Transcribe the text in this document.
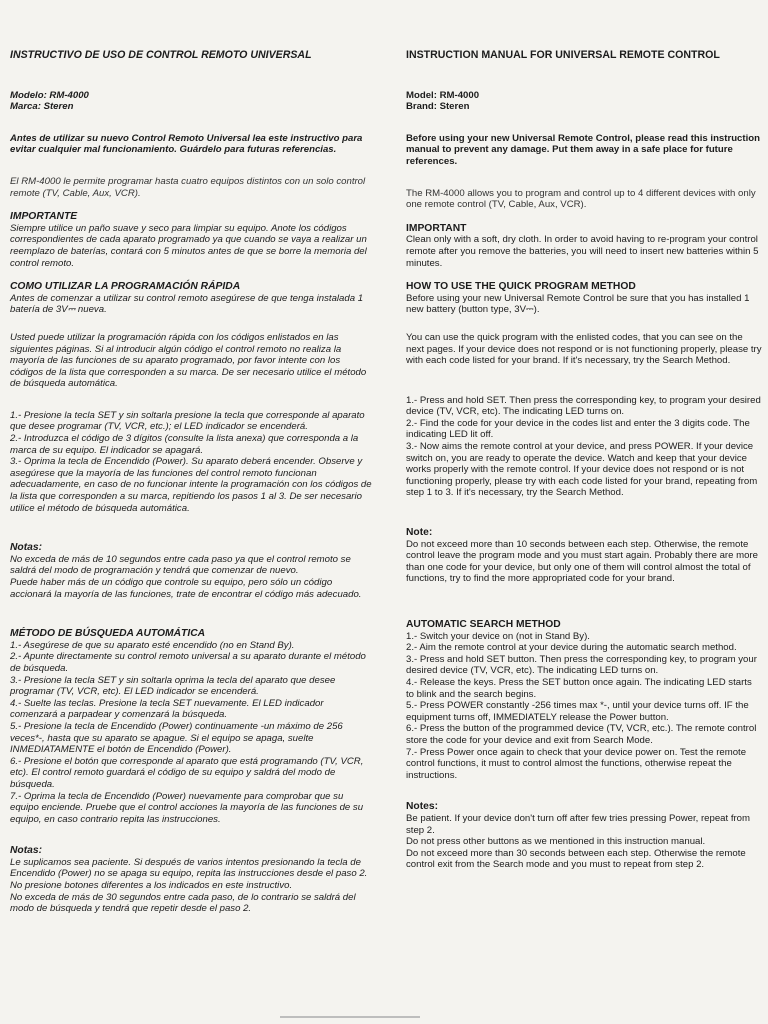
INSTRUCTIVO DE USO DE CONTROL REMOTO UNIVERSAL

Modelo: RM-4000

Marca: Steren

Antes de utilizar su nuevo Control Remoto Universal lea este instructivo para evitar cualquier mal funcionamiento. Guárdelo para futuras referencias.

El RM-4000 le permite programar hasta cuatro equipos distintos con un solo control remote (TV, Cable, Aux, VCR).

IMPORTANTE

Siempre utilice un paño suave y seco para limpiar su equipo. Anote los códigos correspondientes de cada aparato programado ya que cuando se vaya a realizar un reemplazo de baterías, contará con 5 minutos antes de que se borre la memoria del control remoto.

COMO UTILIZAR LA PROGRAMACIÓN RÁPIDA

Antes de comenzar a utilizar su control remoto asegúrese de que tenga instalada 1 batería de 3V⎓ nueva.

Usted puede utilizar la programación rápida con los códigos enlistados en las siguientes páginas. Si al introducir algún código el control remoto no realiza la mayoría de las funciones de su aparato programado, por favor intente con los códigos de la lista que corresponden a su marca. De ser necesario utilice el método de búsqueda automática.

1.- Presione la tecla SET y sin soltarla presione la tecla que corresponde al aparato que desee programar (TV, VCR, etc.); el LED indicador se encenderá.

2.- Introduzca el código de 3 dígitos (consulte la lista anexa) que corresponda a la marca de su equipo. El indicador se apagará.

3.- Oprima la tecla de Encendido (Power). Su aparato deberá encender. Observe y asegúrese que la mayoría de las funciones del control remoto funcionan adecuadamente, en caso de no funcionar intente la programación con los códigos de la lista que corresponden a su marca, repitiendo los pasos 1 al 3. De ser necesario utilice el método de búsqueda automática.

Notas:

No exceda de más de 10 segundos entre cada paso ya que el control remoto se saldrá del modo de programación y tendrá que comenzar de nuevo.

Puede haber más de un código que controle su equipo, pero sólo un código accionará la mayoría de las funciones, trate de encontrar el código más adecuado.

MÉTODO DE BÚSQUEDA AUTOMÁTICA

1.- Asegúrese de que su aparato esté encendido (no en Stand By).

2.- Apunte directamente su control remoto universal a su aparato durante el método de búsqueda.

3.- Presione la tecla SET y sin soltarla oprima la tecla del aparato que desee programar (TV, VCR, etc). El LED indicador se encenderá.

4.- Suelte las teclas. Presione la tecla SET nuevamente. El LED indicador comenzará a parpadear y comenzará la búsqueda.

5.- Presione la tecla de Encendido (Power) continuamente -un máximo de 256 veces*-, hasta que su aparato se apague. Si el equipo se apaga, suelte INMEDIATAMENTE el botón de Encendido (Power).

6.- Presione el botón que corresponde al aparato que está programando (TV, VCR, etc). El control remoto guardará el código de su equipo y saldrá del modo de búsqueda.

7.- Oprima la tecla de Encendido (Power) nuevamente para comprobar que su equipo enciende. Pruebe que el control acciones la mayoría de las funciones de su equipo, en caso contrario repita las instrucciones.

Notas:

Le suplicamos sea paciente. Si después de varios intentos presionando la tecla de Encendido (Power) no se apaga su equipo, repita las instrucciones desde el paso 2.

No presione botones diferentes a los indicados en este instructivo.

No exceda de más de 30 segundos entre cada paso, de lo contrario se saldrá del modo de búsqueda y tendrá que repetir desde el paso 2.

INSTRUCTION MANUAL FOR UNIVERSAL REMOTE CONTROL

Model: RM-4000

Brand: Steren

Before using your new Universal Remote Control, please read this instruction manual to prevent any damage. Put them away in a safe place for future references.

The RM-4000 allows you to program and control up to 4 different devices with only one remote control (TV, Cable, Aux, VCR).

IMPORTANT

Clean only with a soft, dry cloth. In order to avoid having to re-program your control remote after you remove the batteries, you will need to insert new batteries within 5 minutes.

HOW TO USE THE QUICK PROGRAM METHOD

Before using your new Universal Remote Control be sure that you has installed 1 new battery (button type, 3V⎓).

You can use the quick program with the enlisted codes, that you can see on the next pages. If your device does not respond or is not functioning properly, please try with each code listed for your brand. If it's necessary, try the Search Method.

1.- Press and hold SET. Then press the corresponding key, to program your desired device (TV, VCR, etc). The indicating LED turns on.

2.- Find the code for your device in the codes list and enter the 3 digits code. The indicating LED lit off.

3.- Now aims the remote control at your device, and press POWER. If your device switch on, you are ready to operate the device. Watch and keep that your device works properly with the remote control. If your device does not respond or is not functioning properly, please try with each code listed for your brand, repeating from step 1 to 3. If it's necessary, try the Search Method.

Note:

Do not exceed more than 10 seconds between each step. Otherwise, the remote control leave the program mode and you must start again. Probably there are more than one code for your device, but only one of them will control almost the total of functions, try to find the more appropriated code for your brand.

AUTOMATIC SEARCH METHOD

1.- Switch your device on (not in Stand By).

2.- Aim the remote control at your device during the automatic search method.

3.- Press and hold SET button. Then press the corresponding key, to program your desired device (TV, VCR, etc). The indicating LED turns on.

4.- Release the keys. Press the SET button once again. The indicating LED starts to blink and the search begins.

5.- Press POWER constantly -256 times max *-, until your device turns off. IF the equipment turns off, IMMEDIATELY release the Power button.

6.- Press the button of the programmed device (TV, VCR, etc.). The remote control store the code for your device and exit from Search Mode.

7.- Press Power once again to check that your device power on. Test the remote control functions, it must to control almost the functions, otherwise repeat the instructions.

Notes:

Be patient. If your device don't turn off after few tries pressing Power, repeat from step 2.

Do not press other buttons as we mentioned in this instruction manual.

Do not exceed more than 30 seconds between each step. Otherwise the remote control exit from the Search mode and you must to repeat from step 2.
